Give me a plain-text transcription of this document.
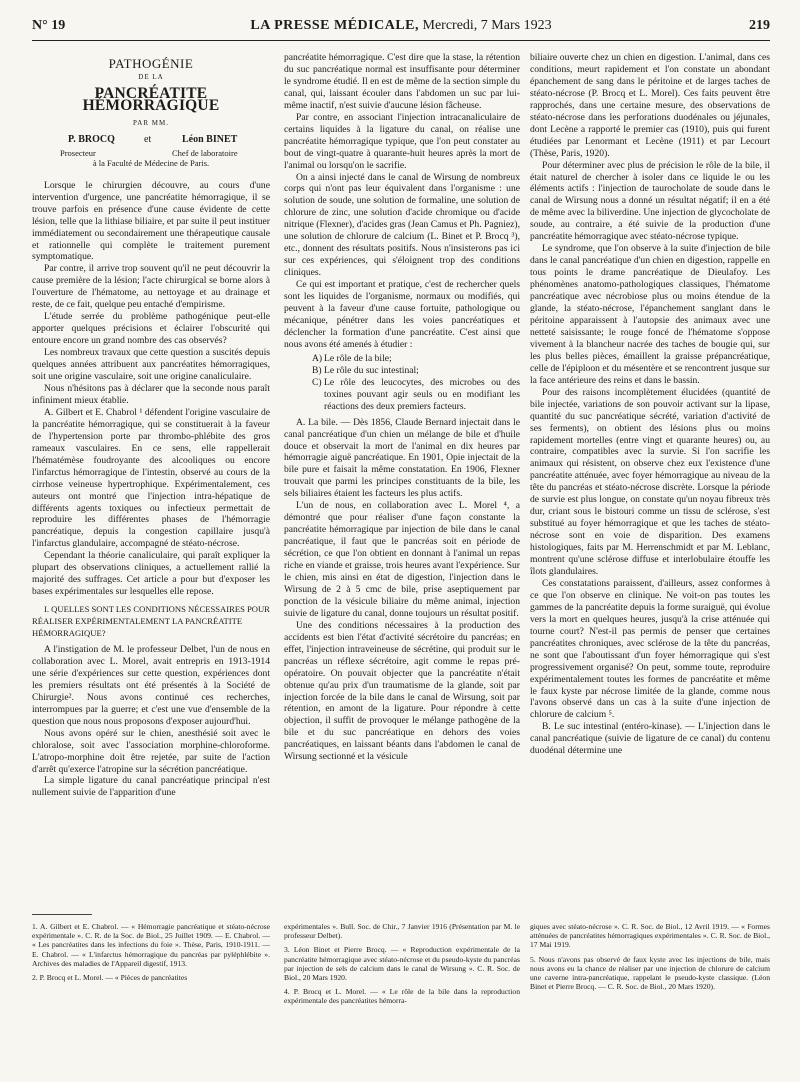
N° 19	LA PRESSE MÉDICALE, Mercredi, 7 Mars 1923	219
PATHOGÉNIE
DE LA
PANCRÉATITE HÉMORRAGIQUE
PAR MM.
P. BROCQ	et	Léon BINET
Prosecteur	Chef de laboratoire
à la Faculté de Médecine de Paris.

Lorsque le chirurgien découvre, au cours d'une intervention d'urgence, une pancréatite hémorragique, il se trouve parfois en présence d'une cause évidente de cette lésion, telle que la lithiase biliaire, et par suite il peut instituer immédiatement ou secondairement une thérapeutique causale et rationnelle qui complète le traitement purement symptomatique.

Par contre, il arrive trop souvent qu'il ne peut découvrir la cause première de la lésion; l'acte chirurgical se borne alors à l'ouverture de l'hématome, au nettoyage et au drainage et reste, de ce fait, quelque peu entaché d'empirisme.

L'étude serrée du problème pathogénique peut-elle apporter quelques précisions et éclairer l'obscurité qui entoure encore un grand nombre des cas observés?

Les nombreux travaux que cette question a suscités depuis quelques années attribuent aux pancréatites hémorragiques, soit une origine vasculaire, soit une origine canaliculaire.

Nous n'hésitons pas à déclarer que la seconde nous paraît infiniment mieux établie.

A. Gilbert et E. Chabrol ¹ défendent l'origine vasculaire de la pancréatite hémorragique, qui se constituerait à la faveur de l'hypertension porte par thrombo-phlébite des gros rameaux vasculaires. En ce sens, elle rappellerait l'hématémèse foudroyante des alcooliques ou encore l'infarctus hémorragique de l'intestin, observé au cours de la cirrhose veineuse hypertrophique. Expérimentalement, ces auteurs ont montré que l'injection intra-hépatique de différents agents toxiques ou infectieux permettait de reproduire les différentes phases de l'hémorragie pancréatique, depuis la congestion capillaire jusqu'à l'infarctus glandulaire, accompagné de stéato-nécrose.

Cependant la théorie canaliculaire, qui paraît expliquer la plupart des observations cliniques, a actuellement rallié la majorité des suffrages. Cet article a pour but d'exposer les bases expérimentales sur lesquelles elle repose.

I. QUELLES SONT LES CONDITIONS NÉCESSAIRES POUR RÉALISER EXPÉRIMENTALEMENT LA PANCRÉATITE HÉMORRAGIQUE?

A l'instigation de M. le professeur Delbet, l'un de nous en collaboration avec L. Morel, avait entrepris en 1913-1914 une série d'expériences sur cette question, expériences dont les premiers résultats ont été présentés à la Société de Chirurgie². Nous avons continué ces recherches, interrompues par la guerre; et c'est une vue d'ensemble de la question que nous nous proposons d'exposer aujourd'hui.

Nous avons opéré sur le chien, anesthésié soit avec le chloralose, soit avec l'association morphine-chloroforme. L'atropo-morphine doit être rejetée, par suite de l'action d'arrêt qu'exerce l'atropine sur la sécrétion pancréatique.

La simple ligature du canal pancréatique principal n'est nullement suivie de l'apparition d'une

pancréatite hémorragique. C'est dire que la stase, la rétention du suc pancréatique normal est insuffisante pour déterminer le syndrome étudié. Il en est de même de la section simple du canal, qui, laissant écouler dans l'abdomen un suc par lui-même inactif, n'est suivie d'aucune lésion fâcheuse.

Par contre, en associant l'injection intracanaliculaire de certains liquides à la ligature du canal, on réalise une pancréatite hémorragique typique, que l'on peut constater au bout de vingt-quatre à quarante-huit heures après la mort de l'animal ou lorsqu'on le sacrifie.

On a ainsi injecté dans le canal de Wirsung de nombreux corps qui n'ont pas leur équivalent dans l'organisme : une solution de soude, une solution de formaline, une solution de chlorure de zinc, une solution d'acide chromique ou d'acide nitrique (Flexner), d'acides gras (Jean Camus et Ph. Pagniez), une solution de chlorure de calcium (L. Binet et P. Brocq ³), etc., donnent des résultats positifs. Nous n'insisterons pas ici sur ces expériences, qui s'éloignent trop des conditions cliniques.

Ce qui est important et pratique, c'est de rechercher quels sont les liquides de l'organisme, normaux ou modifiés, qui peuvent à la faveur d'une cause fortuite, pathologique ou mécanique, pénétrer dans les voies pancréatiques et déclencher la formation d'une pancréatite. C'est ainsi que nous avons été amenés à étudier :

A) Le rôle de la bile;
B) Le rôle du suc intestinal;
C) Le rôle des leucocytes, des microbes ou des toxines pouvant agir seuls ou en modifiant les réactions des deux premiers facteurs.

A. La bile. — Dès 1856, Claude Bernard injectait dans le canal pancréatique d'un chien un mélange de bile et d'huile douce et observait la mort de l'animal en dix heures par hémorragie aiguë pancréatique. En 1901, Opie injectait de la bile pure et faisait la même constatation. En 1906, Flexner trouvait que parmi les principes constituants de la bile, les sels biliaires étaient les facteurs les plus actifs.

L'un de nous, en collaboration avec L. Morel ⁴, a démontré que pour réaliser d'une façon constante la pancréatite hémorragique par injection de bile dans le canal pancréatique, il faut que le pancréas soit en période de sécrétion, ce que l'on obtient en donnant à l'animal un repas riche en viande et graisse, trois heures avant l'expérience. Sur le chien, mis ainsi en état de digestion, l'injection dans le Wirsung de 2 à 5 cmc de bile, prise aseptiquement par ponction de la vésicule biliaire du même animal, injection suivie de ligature du canal, donne toujours un résultat positif.

Une des conditions nécessaires à la production des accidents est bien l'état d'activité sécrétoire du pancréas; en effet, l'injection intraveineuse de sécrétine, qui produit sur le pancréas un réflexe sécrétoire, agit comme le repas pré-opératoire. On pouvait objecter que la pancréatite n'était obtenue qu'au prix d'un traumatisme de la glande, soit par injection forcée de la bile dans le canal de Wirsung, soit par rétention, en amont de la ligature. Pour répondre à cette objection, il suffit de provoquer le mélange pathogène de la bile et du suc pancréatique en dehors des voies pancréatiques, en laissant béants dans l'abdomen le canal de Wirsung sectionné et la vésicule

biliaire ouverte chez un chien en digestion. L'animal, dans ces conditions, meurt rapidement et l'on constate un abondant épanchement de sang dans le péritoine et de larges taches de stéato-nécrose (P. Brocq et L. Morel). Ces faits peuvent être rapprochés, dans une certaine mesure, des observations de stéato-nécrose dans les perforations duodénales ou jéjunales, dont Lecène a rapporté le premier cas (1910), puis qui furent étudiées par Lenormant et Lecène (1911) et par Lecourt (Thèse, Paris, 1920).

Pour déterminer avec plus de précision le rôle de la bile, il était naturel de chercher à isoler dans ce liquide le ou les éléments actifs : l'injection de taurocholate de soude dans le canal de Wirsung nous a donné un résultat négatif; il en a été de même avec la biliverdine. Une injection de glycocholate de soude, au contraire, a été suivie de la production d'une pancréatite hémorragique avec stéato-nécrose typique.

Le syndrome, que l'on observe à la suite d'injection de bile dans le canal pancréatique d'un chien en digestion, rappelle en tous points le drame pancréatique de Dieulafoy. Les phénomènes anatomo-pathologiques classiques, l'hématome pancréatique avec nécrobiose plus ou moins étendue de la glande, la stéato-nécrose, l'épanchement sanglant dans le péritoine apparaissent à l'autopsie des animaux avec une netteté saisissante; le rouge foncé de l'hématome s'oppose vivement à la blancheur nacrée des taches de bougie qui, sur les plus belles pièces, émaillent la graisse prépancréatique, celle de l'épiploon et du mésentère et se rencontrent jusque sur la face antérieure des reins et dans le bassin.

Pour des raisons incomplètement élucidées (quantité de bile injectée, variations de son pouvoir activant sur la lipase, quantité du suc pancréatique sécrété, variation d'activité de ses ferments), on obtient des lésions plus ou moins rapidement mortelles (entre vingt et quarante heures) ou, au contraire, compatibles avec la survie. Si l'on sacrifie les animaux qui résistent, on observe chez eux l'existence d'une pancréatite atténuée, avec foyer hémorragique au niveau de la tête du pancréas et stéato-nécrose discrète. Lorsque la période de survie est plus longue, on constate qu'un noyau fibreux très dur, criant sous le bistouri comme un tissu de sclérose, s'est substitué au foyer hémorragique et que les taches de stéato-nécrose sont en voie de disparition. Des examens histologiques, faits par M. Herrenschmidt et par M. Leblanc, montrent qu'une sclérose diffuse et interlobulaire étouffe les îlots glandulaires.

Ces constatations paraissent, d'ailleurs, assez conformes à ce que l'on observe en clinique. Ne voit-on pas toutes les gammes de la pancréatite depuis la forme suraiguë, qui évolue vers la mort en quelques heures, jusqu'à la crise atténuée qui tourne court? N'est-il pas permis de penser que certaines pancréatites chroniques, avec sclérose de la tête du pancréas, ne sont que l'aboutissant d'un foyer hémorragique qui s'est progressivement organisé? On peut, somme toute, reproduire expérimentalement toutes les formes de pancréatite et même le faux kyste par nécrose limitée de la glande, comme nous l'avons observé dans un cas à la suite d'une injection de chlorure de calcium ⁵.

B. Le suc intestinal (entéro-kinase). — L'injection dans le canal pancréatique (suivie de ligature de ce canal) du contenu duodénal détermine une

1. A. Gilbert et E. Chabrol. — « Hémorragie pancréatique et stéato-nécrose expérimentale ». C. R. de la Soc. de Biol., 25 Juillet 1909. — E. Chabrol. — « Les pancréatites dans les infections du foie ». Thèse, Paris, 1910-1911. — E. Chabrol. — « L'infarctus hémorragique du pancréas par pyléphlébite ». Archives des maladies de l'Appareil digestif, 1913.

2. P. Brocq et L. Morel. — « Pièces de pancréatites

expérimentales ». Bull. Soc. de Chir., 7 Janvier 1916 (Présentation par M. le professeur Delbet).

3. Léon Binet et Pierre Brocq. — « Reproduction expérimentale de la pancréatite hémorragique avec stéato-nécrose et du pseudo-kyste du pancréas par injection de sels de calcium dans le canal de Wirsung ». C. R. Soc. de Biol., 20 Mars 1920.

4. P. Brocq et L. Morel. — « Le rôle de la bile dans la reproduction expérimentale des pancréatites hémorra-

giques avec stéato-nécrose ». C. R. Soc. de Biol., 12 Avril 1919. — « Formes atténuées de pancréatites hémorragiques expérimentales ». C. R. Soc. de Biol., 17 Mai 1919.

5. Nous n'avons pas observé de faux kyste avec les injections de bile, mais nous avons eu la chance de réaliser par une injection de chlorure de calcium une caverne intra-pancréatique, rappelant le pseudo-kyste classique. (Léon Binet et Pierre Brocq. — C. R. Soc. de Biol., 20 Mars 1920).
